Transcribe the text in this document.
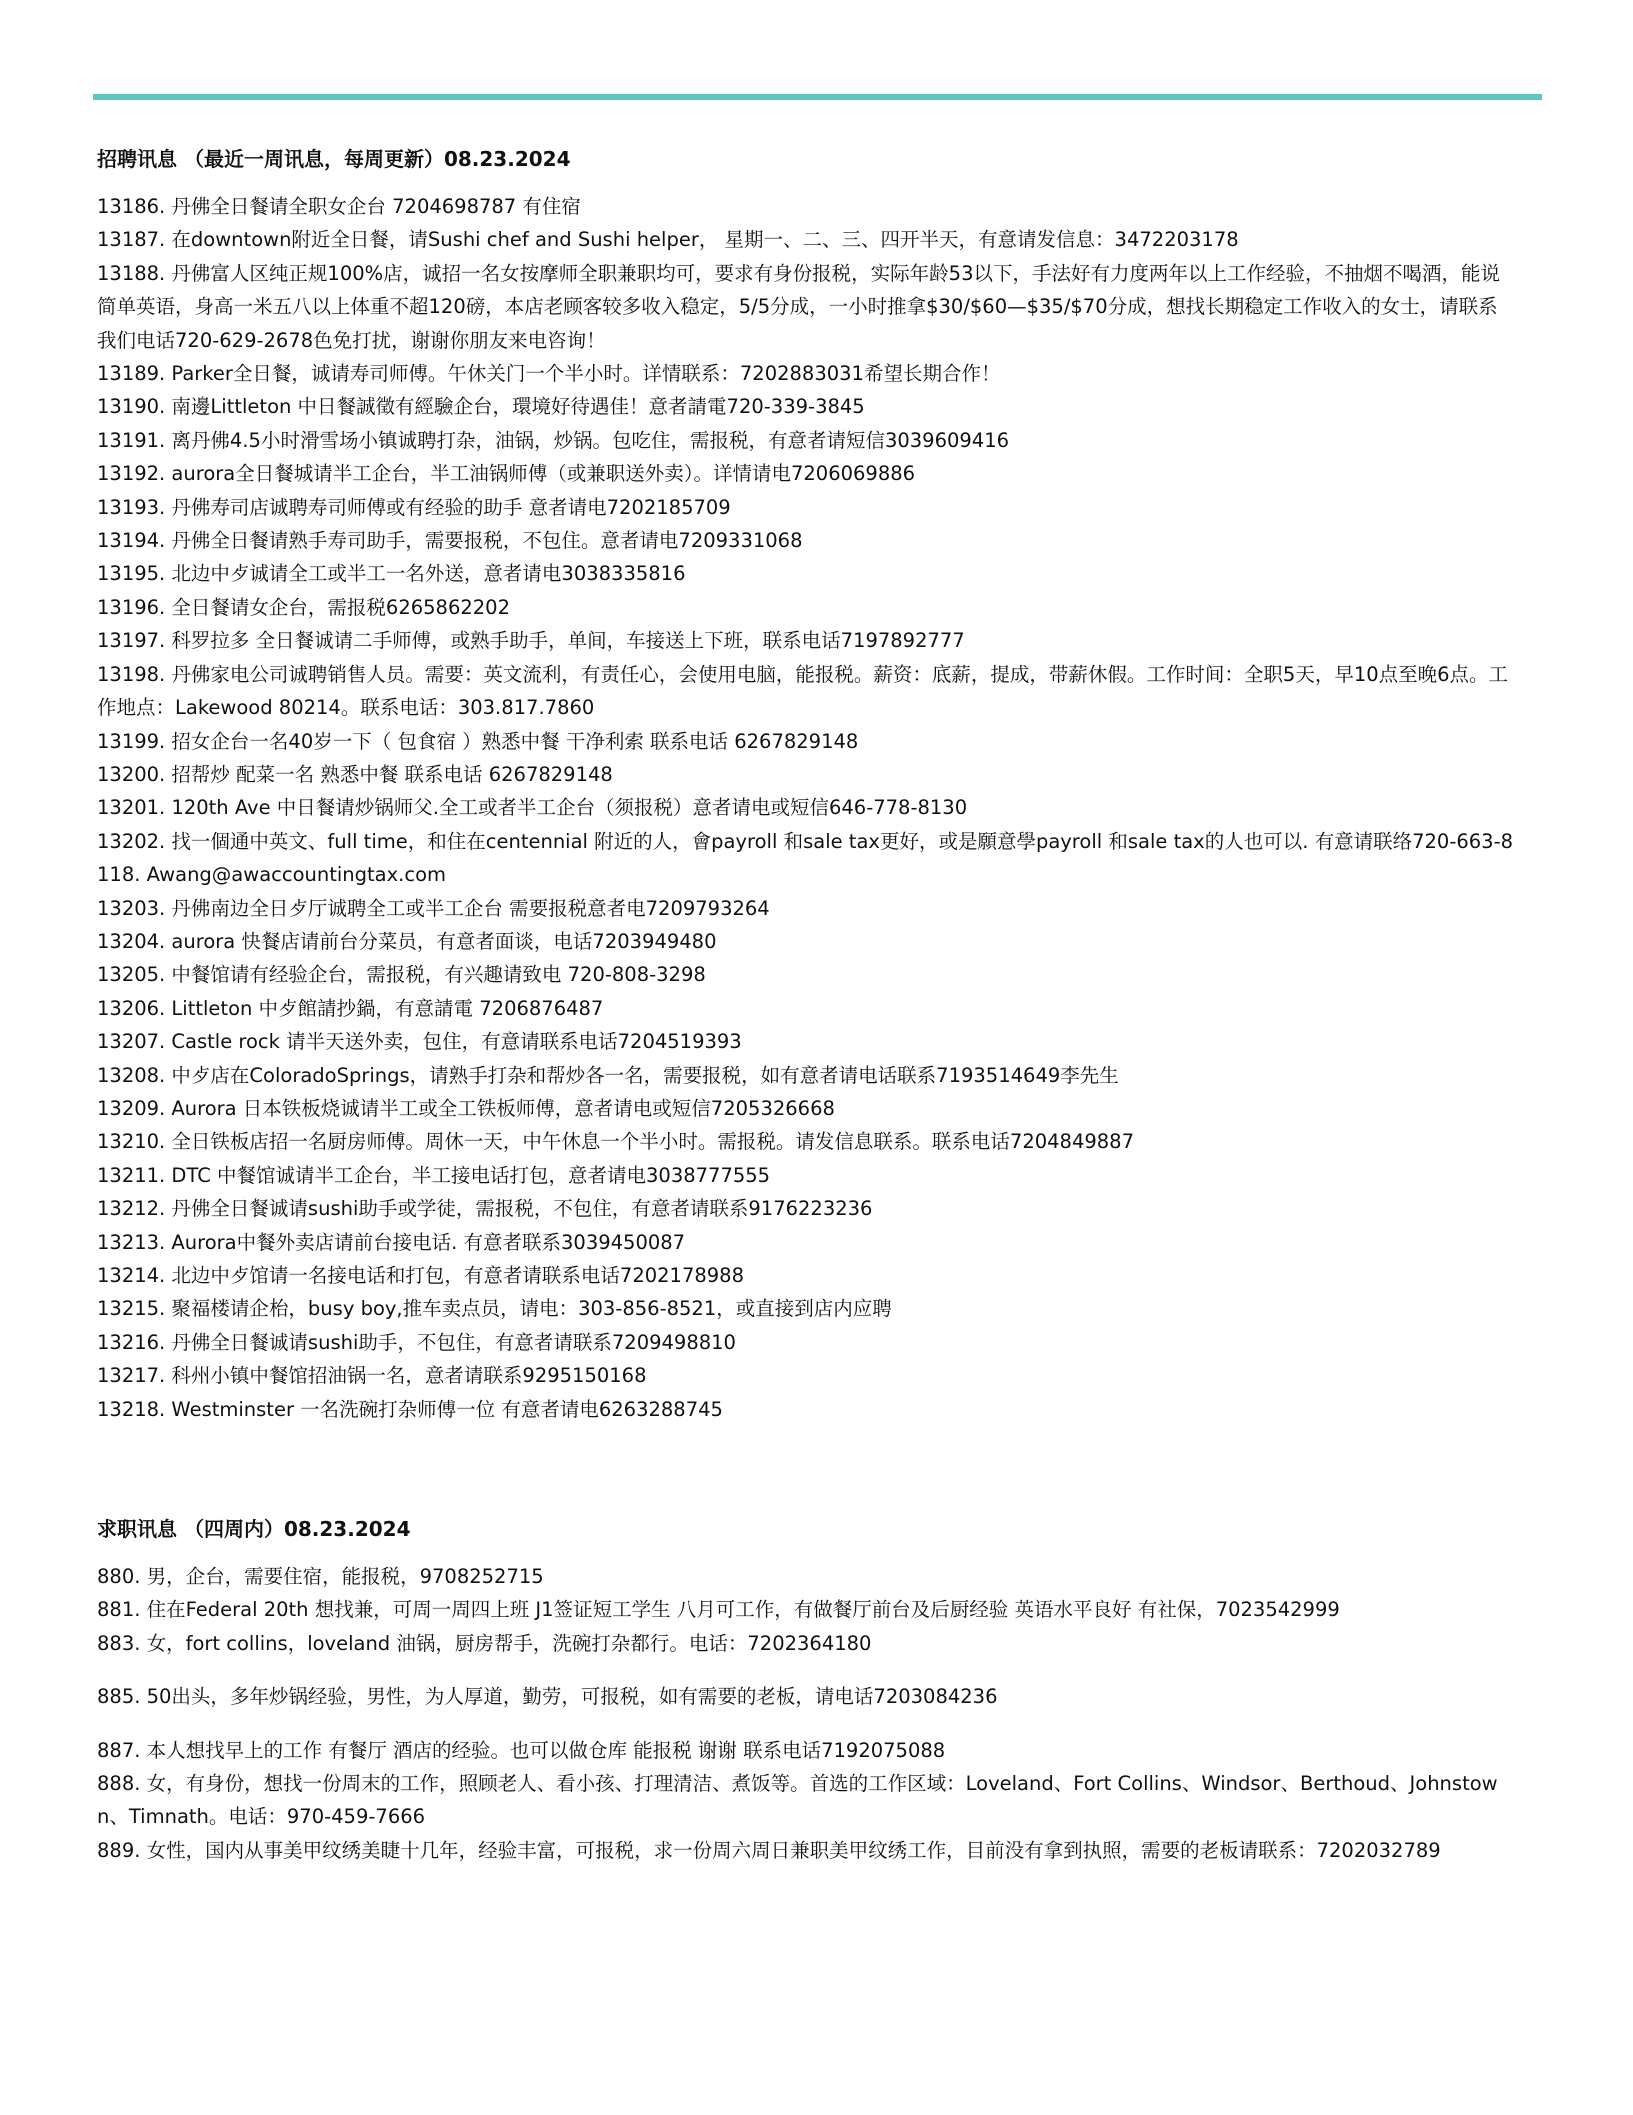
招聘讯息 （最近一周讯息，每周更新）08.23.2024
13186. 丹佛全日餐请全职女企台 7204698787 有住宿
13187. 在downtown附近全日餐，请Sushi chef and Sushi helper， 星期一、二、三、四开半天，有意请发信息：3472203178
13188. 丹佛富人区纯正规100%店，诚招一名女按摩师全职兼职均可，要求有身份报税，实际年龄53以下，手法好有力度两年以上工作经验，不抽烟不喝酒，能说简单英语，身高一米五八以上体重不超120磅，本店老顾客较多收入稳定，5/5分成，一小时推拿$30/$60—$35/$70分成，想找长期稳定工作收入的女士，请联系我们电话720-629-2678色免打扰，谢谢你朋友来电咨询！
13189. Parker全日餐，诚请寿司师傅。午休关门一个半小时。详情联系：7202883031希望长期合作！
13190. 南邊Littleton 中日餐誠徵有經驗企台，環境好待遇佳！意者請電720-339-3845
13191. 离丹佛4.5小时滑雪场小镇诚聘打杂，油锅，炒锅。包吃住，需报税，有意者请短信3039609416
13192. aurora全日餐城请半工企台，半工油锅师傅（或兼职送外卖）。详情请电7206069886
13193. 丹佛寿司店诚聘寿司师傅或有经验的助手 意者请电7202185709
13194. 丹佛全日餐请熟手寿司助手，需要报税，不包住。意者请电7209331068
13195. 北边中歺诚请全工或半工一名外送，意者请电3038335816
13196. 全日餐请女企台，需报税6265862202
13197. 科罗拉多 全日餐诚请二手师傅，或熟手助手，单间，车接送上下班，联系电话7197892777
13198. 丹佛家电公司诚聘销售人员。需要：英文流利，有责任心，会使用电脑，能报税。薪资：底薪，提成，带薪休假。工作时间：全职5天，早10点至晚6点。工作地点：Lakewood 80214。联系电话：303.817.7860
13199. 招女企台一名40岁一下（ 包食宿 ）熟悉中餐 干净利索 联系电话 6267829148
13200. 招帮炒 配菜一名 熟悉中餐 联系电话 6267829148
13201. 120th Ave 中日餐请炒锅师父.全工或者半工企台（须报税）意者请电或短信646-778-8130
13202. 找一個通中英文、full time，和住在centennial 附近的人，會payroll 和sale tax更好，或是願意學payroll 和sale tax的人也可以. 有意请联络720-663-8118. Awang@awaccountingtax.com
13203. 丹佛南边全日歺厅诚聘全工或半工企台 需要报税意者电7209793264
13204. aurora 快餐店请前台分菜员，有意者面谈，电话7203949480
13205. 中餐馆请有经验企台，需报税，有兴趣请致电 720-808-3298
13206. Littleton 中歺館請抄鍋，有意請電 7206876487
13207. Castle rock 请半天送外卖，包住，有意请联系电话7204519393
13208. 中歺店在ColoradoSprings，请熟手打杂和帮炒各一名，需要报税，如有意者请电话联系7193514649李先生
13209. Aurora 日本铁板烧诚请半工或全工铁板师傅，意者请电或短信7205326668
13210. 全日铁板店招一名厨房师傅。周休一天，中午休息一个半小时。需报税。请发信息联系。联系电话7204849887
13211. DTC 中餐馆诚请半工企台，半工接电话打包，意者请电3038777555
13212. 丹佛全日餐诚请sushi助手或学徒，需报税，不包住，有意者请联系9176223236
13213. Aurora中餐外卖店请前台接电话. 有意者联系3039450087
13214. 北边中歺馆请一名接电话和打包，有意者请联系电话7202178988
13215. 聚福楼请企枱，busy boy,推车卖点员，请电：303-856-8521，或直接到店内应聘
13216. 丹佛全日餐诚请sushi助手，不包住，有意者请联系7209498810
13217. 科州小镇中餐馆招油锅一名，意者请联系9295150168
13218. Westminster 一名洗碗打杂师傅一位 有意者请电6263288745
求职讯息 （四周内）08.23.2024
880. 男，企台，需要住宿，能报税，9708252715
881. 住在Federal 20th 想找兼，可周一周四上班 J1签证短工学生 八月可工作，有做餐厅前台及后厨经验 英语水平良好 有社保，7023542999
883. 女，fort collins，loveland 油锅，厨房帮手，洗碗打杂都行。电话：7202364180
885. 50出头，多年炒锅经验，男性，为人厚道，勤劳，可报税，如有需要的老板，请电话7203084236
887. 本人想找早上的工作 有餐厅 酒店的经验。也可以做仓库 能报税 谢谢 联系电话7192075088
888. 女，有身份，想找一份周末的工作，照顾老人、看小孩、打理清洁、煮饭等。首选的工作区域：Loveland、Fort Collins、Windsor、Berthoud、Johnstown、Timnath。电话：970-459-7666
889. 女性，国内从事美甲纹绣美睫十几年，经验丰富，可报税，求一份周六周日兼职美甲纹绣工作，目前没有拿到执照，需要的老板请联系：7202032789
